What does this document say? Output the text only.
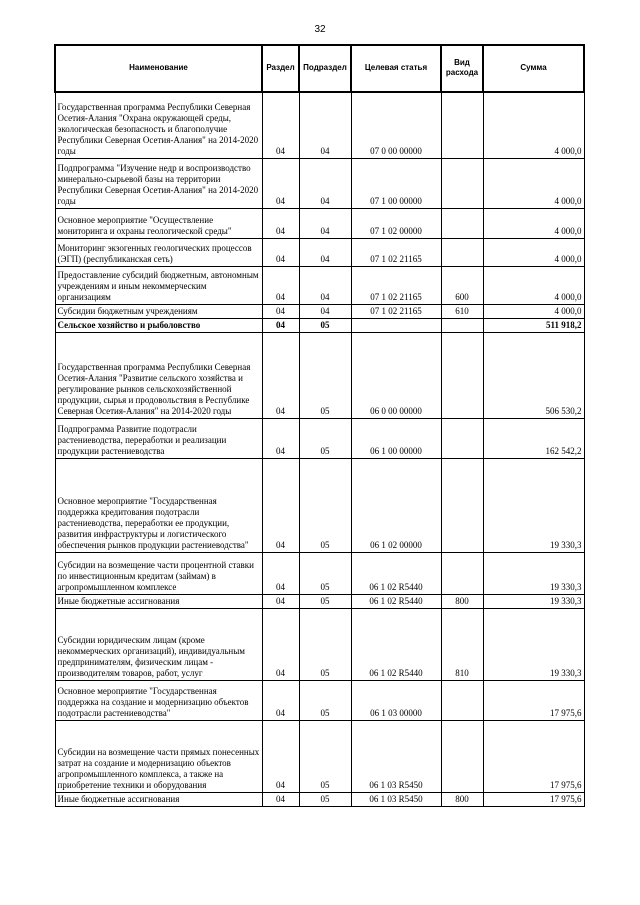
32
Наименование	Раздел	Подраздел	Целевая статья	Вид расхода	Сумма
Государственная программа Республики Северная Осетия-Алания "Охрана окружающей среды, экологическая безопасность и благополучие Республики Северная Осетия-Алания" на 2014-2020 годы	04	04	07 0 00 00000		4 000,0
Подпрограмма "Изучение недр и воспроизводство минерально-сырьевой базы на территории Республики Северная Осетия-Алания" на 2014-2020 годы	04	04	07 1 00 00000		4 000,0
Основное мероприятие "Осуществление мониторинга и охраны геологической среды"	04	04	07 1 02 00000		4 000,0
Мониторинг экзогенных геологических процессов (ЭГП) (республиканская сеть)	04	04	07 1 02 21165		4 000,0
Предоставление субсидий бюджетным, автономным учреждениям и иным некоммерческим организациям	04	04	07 1 02 21165	600	4 000,0
Субсидии бюджетным учреждениям	04	04	07 1 02 21165	610	4 000,0
Сельское хозяйство и рыболовство	04	05			511 918,2
Государственная программа Республики Северная Осетия-Алания "Развитие сельского хозяйства и регулирование рынков сельскохозяйственной продукции, сырья и продовольствия в Республике Северная Осетия-Алания" на 2014-2020 годы	04	05	06 0 00 00000		506 530,2
Подпрограмма Развитие подотрасли растениеводства, переработки и реализации продукции растениеводства	04	05	06 1 00 00000		162 542,2
Основное мероприятие "Государственная поддержка кредитования подотрасли растениеводства, переработки ее продукции, развития инфраструктуры и логистического обеспечения рынков продукции растениеводства"	04	05	06 1 02 00000		19 330,3
Субсидии на возмещение части процентной ставки по инвестиционным кредитам (займам) в агропромышленном комплексе	04	05	06 1 02 R5440		19 330,3
Иные бюджетные ассигнования	04	05	06 1 02 R5440	800	19 330,3
Субсидии юридическим лицам (кроме некоммерческих организаций), индивидуальным предпринимателям, физическим лицам - производителям товаров, работ, услуг	04	05	06 1 02 R5440	810	19 330,3
Основное мероприятие "Государственная поддержка на создание и модернизацию объектов подотрасли растениеводства"	04	05	06 1 03 00000		17 975,6
Субсидии на возмещение части прямых понесенных затрат на создание и модернизацию объектов агропромышленного комплекса, а также на приобретение техники и оборудования	04	05	06 1 03 R5450		17 975,6
Иные бюджетные ассигнования	04	05	06 1 03 R5450	800	17 975,6
